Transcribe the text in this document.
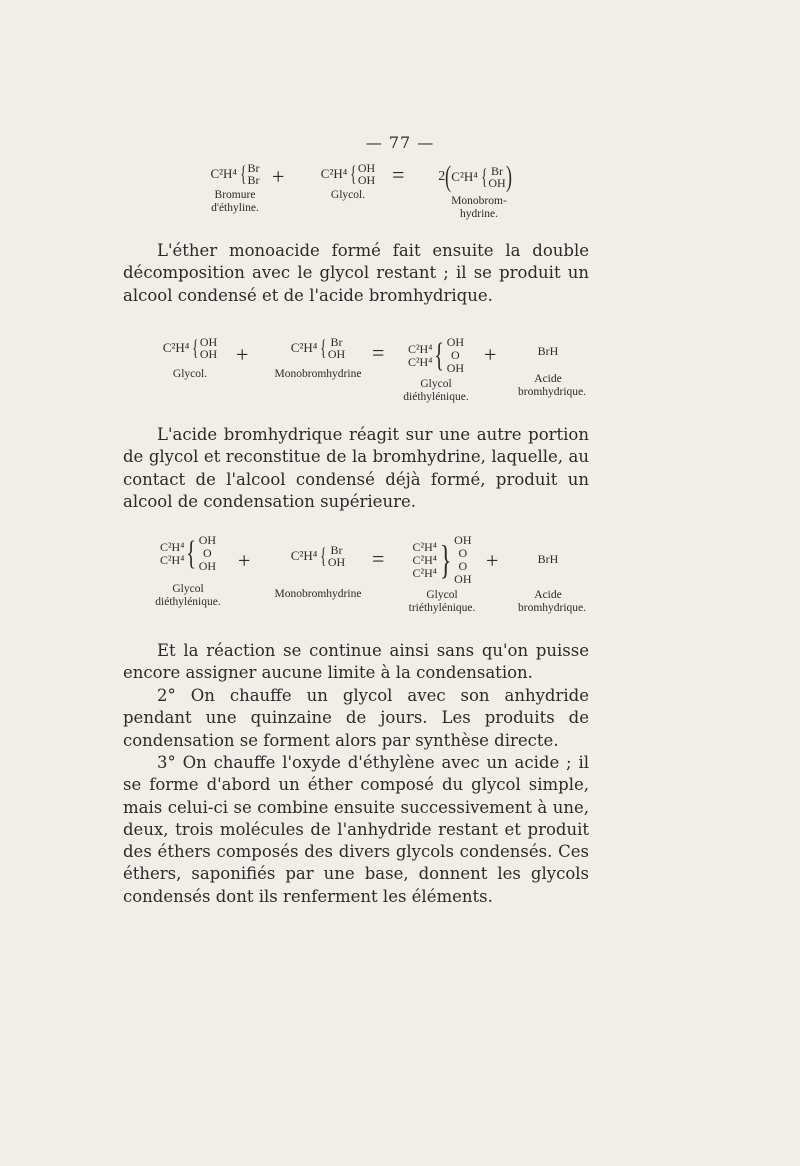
— 77 —
C²H⁴ { Br
Br
Bromure d'éthyline.
+	C²H⁴ { OH
OH
Glycol.
= 2 ( C²H⁴ { Br
OH )
Monobrom-hydrine.

L'éther monoacide formé fait ensuite la double décomposition avec le glycol restant ; il se produit un alcool condensé et de l'acide bromhydrique.

C²H⁴ { OH
OH
Glycol.
+	C²H⁴ { Br
OH
Monobromhydrine
= C²H⁴
C²H⁴ { OH
O
OH
Glycol diéthylénique.
+	BrH
Acide bromhydrique.

L'acide bromhydrique réagit sur une autre portion de glycol et reconstitue de la bromhydrine, laquelle, au contact de l'alcool condensé déjà formé, produit un alcool de condensation supérieure.

C²H⁴
C²H⁴ { OH
O
OH
Glycol diéthylénique.
+	C²H⁴ { Br
OH
Monobromhydrine
= C²H⁴
C²H⁴
C²H⁴ } OH
O
O
OH
Glycol triéthylénique.
+	BrH
Acide bromhydrique.

Et la réaction se continue ainsi sans qu'on puisse encore assigner aucune limite à la condensation.

2° On chauffe un glycol avec son anhydride pendant une quinzaine de jours. Les produits de condensation se forment alors par synthèse directe.

3° On chauffe l'oxyde d'éthylène avec un acide ; il se forme d'abord un éther composé du glycol simple, mais celui-ci se combine ensuite successivement à une, deux, trois molécules de l'anhydride restant et produit des éthers composés des divers glycols condensés. Ces éthers, saponifiés par une base, donnent les glycols condensés dont ils renferment les éléments.
